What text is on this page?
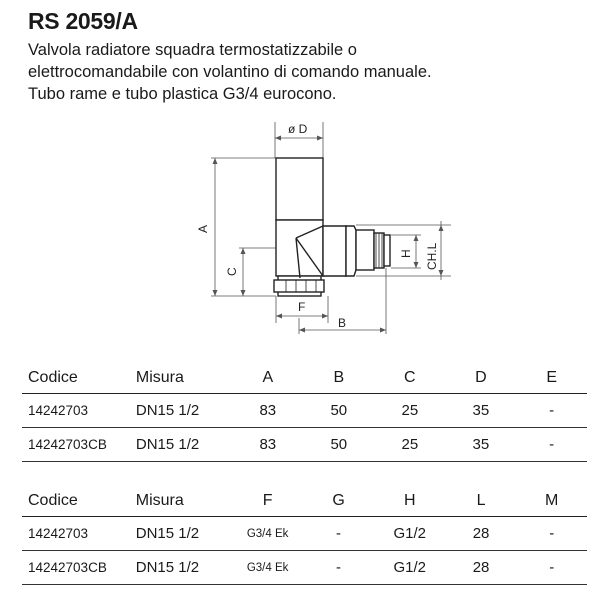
RS 2059/A
Valvola radiatore squadra termostatizzabile o
elettrocomandabile con volantino di comando manuale.
Tubo rame e tubo plastica G3/4 eurocono.
ø D
A
C
F
B
H CH.L
Codice	Misura	A	B	C	D	E
14242703	DN15 1/2	83	50	25	35	-
14242703CB	DN15 1/2	83	50	25	35	-
Codice	Misura	F	G	H	L	M
14242703	DN15 1/2	G3/4 Ek	-	G1/2	28	-
14242703CB	DN15 1/2	G3/4 Ek	-	G1/2	28	-
